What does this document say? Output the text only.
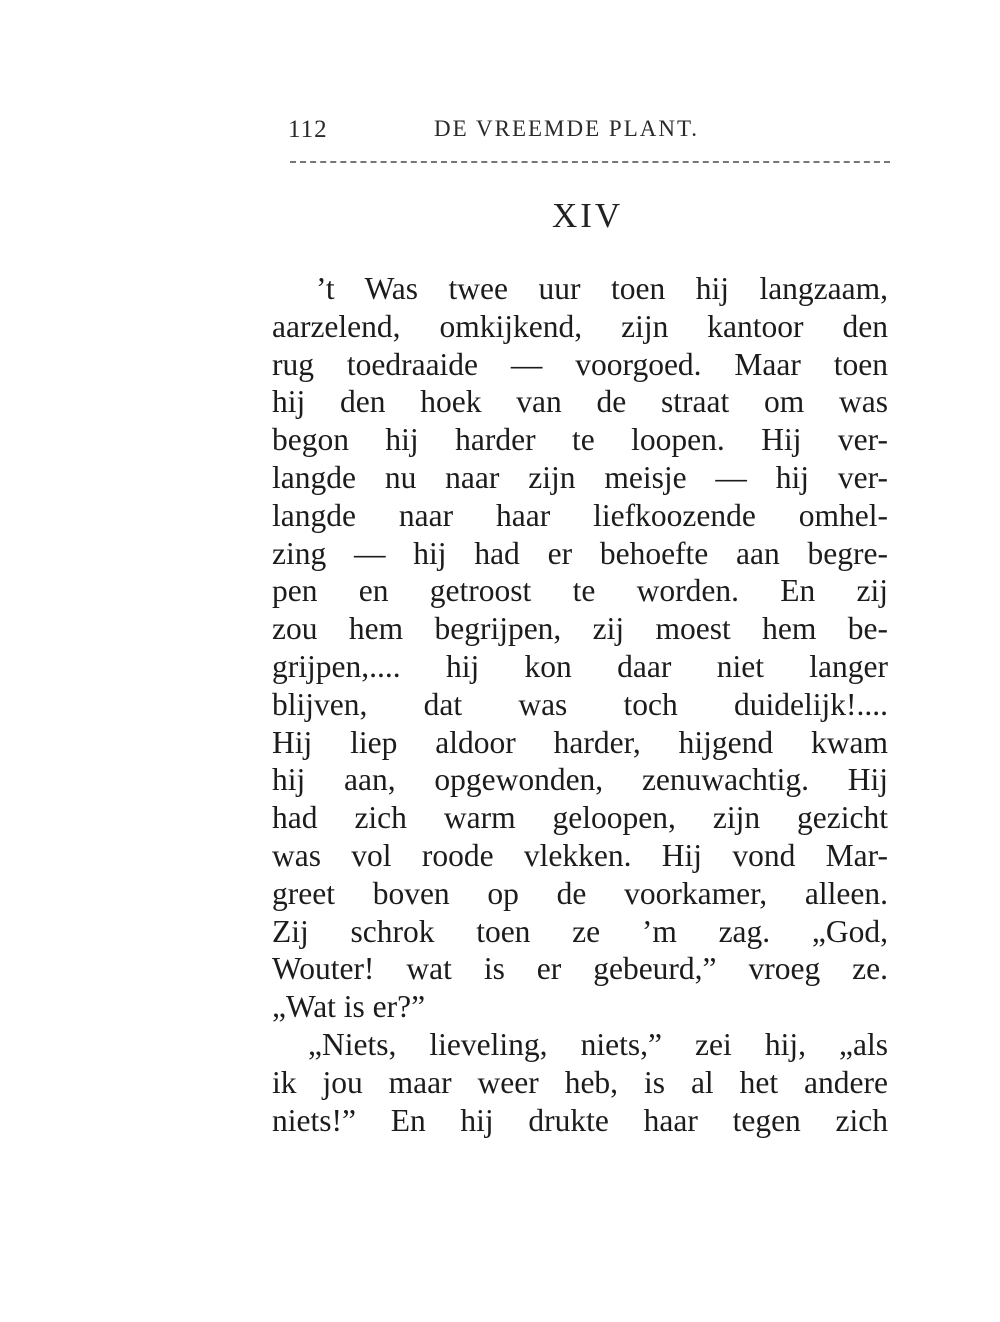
112	DE VREEMDE PLANT.
XIV
’t Was twee uur toen hij langzaam,
aarzelend, omkijkend, zijn kantoor den
rug toedraaide — voorgoed. Maar toen
hij den hoek van de straat om was
begon hij harder te loopen. Hij ver-
langde nu naar zijn meisje — hij ver-
langde naar haar liefkoozende omhel-
zing — hij had er behoefte aan begre-
pen en getroost te worden. En zij
zou hem begrijpen, zij moest hem be-
grijpen,.... hij kon daar niet langer
blijven, dat was toch duidelijk!....
Hij liep aldoor harder, hijgend kwam
hij aan, opgewonden, zenuwachtig. Hij
had zich warm geloopen, zijn gezicht
was vol roode vlekken. Hij vond Mar-
greet boven op de voorkamer, alleen.
Zij schrok toen ze ’m zag. „God,
Wouter! wat is er gebeurd,” vroeg ze.
„Wat is er?”
„Niets, lieveling, niets,” zei hij, „als
ik jou maar weer heb, is al het andere
niets!” En hij drukte haar tegen zich
